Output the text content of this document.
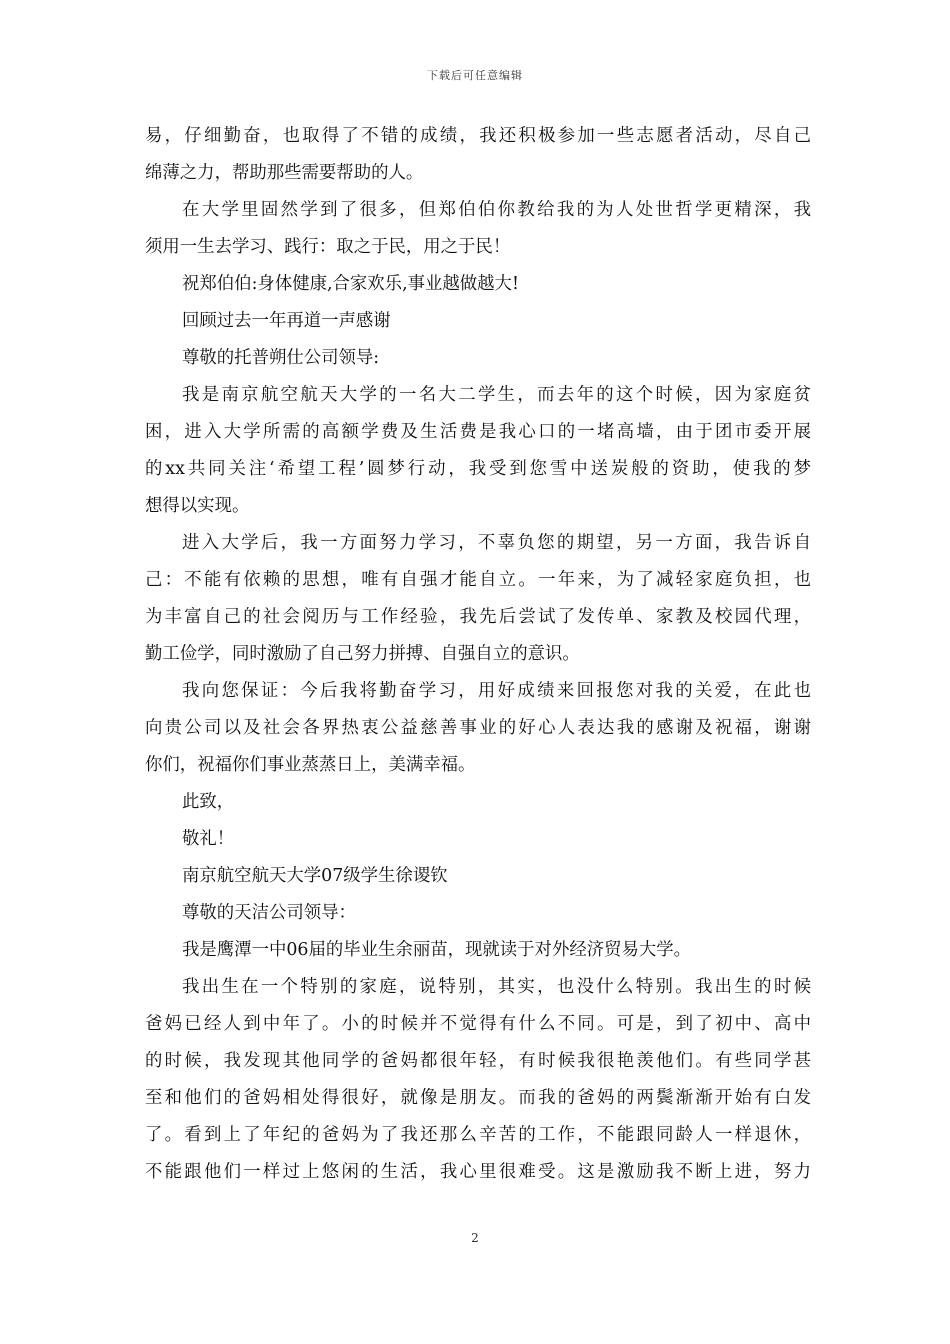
下载后可任意编辑
易，仔细勤奋，也取得了不错的成绩，我还积极参加一些志愿者活动，尽自己
绵薄之力，帮助那些需要帮助的人。
在大学里固然学到了很多，但郑伯伯你教给我的为人处世哲学更精深，我
须用一生去学习、践行：取之于民，用之于民！
祝郑伯伯:身体健康,合家欢乐,事业越做越大!
回顾过去一年再道一声感谢
尊敬的托普朔仕公司领导:
我是南京航空航天大学的一名大二学生，而去年的这个时候，因为家庭贫
困，进入大学所需的高额学费及生活费是我心口的一堵高墙，由于团市委开展
的xx共同关注‘希望工程’圆梦行动，我受到您雪中送炭般的资助，使我的梦
想得以实现。
进入大学后，我一方面努力学习，不辜负您的期望，另一方面，我告诉自
己：不能有依赖的思想，唯有自强才能自立。一年来，为了减轻家庭负担，也
为丰富自己的社会阅历与工作经验，我先后尝试了发传单、家教及校园代理，
勤工俭学，同时激励了自己努力拼搏、自强自立的意识。
我向您保证：今后我将勤奋学习，用好成绩来回报您对我的关爱，在此也
向贵公司以及社会各界热衷公益慈善事业的好心人表达我的感谢及祝福，谢谢
你们，祝福你们事业蒸蒸日上，美满幸福。
此致，
敬礼！
南京航空航天大学07级学生徐谡钦
尊敬的天洁公司领导：
我是鹰潭一中06届的毕业生余丽苗，现就读于对外经济贸易大学。
我出生在一个特别的家庭，说特别，其实，也没什么特别。我出生的时候
爸妈已经人到中年了。小的时候并不觉得有什么不同。可是，到了初中、高中
的时候，我发现其他同学的爸妈都很年轻，有时候我很艳羡他们。有些同学甚
至和他们的爸妈相处得很好，就像是朋友。而我的爸妈的两鬓渐渐开始有白发
了。看到上了年纪的爸妈为了我还那么辛苦的工作，不能跟同龄人一样退休，
不能跟他们一样过上悠闲的生活，我心里很难受。这是激励我不断上进，努力
2
